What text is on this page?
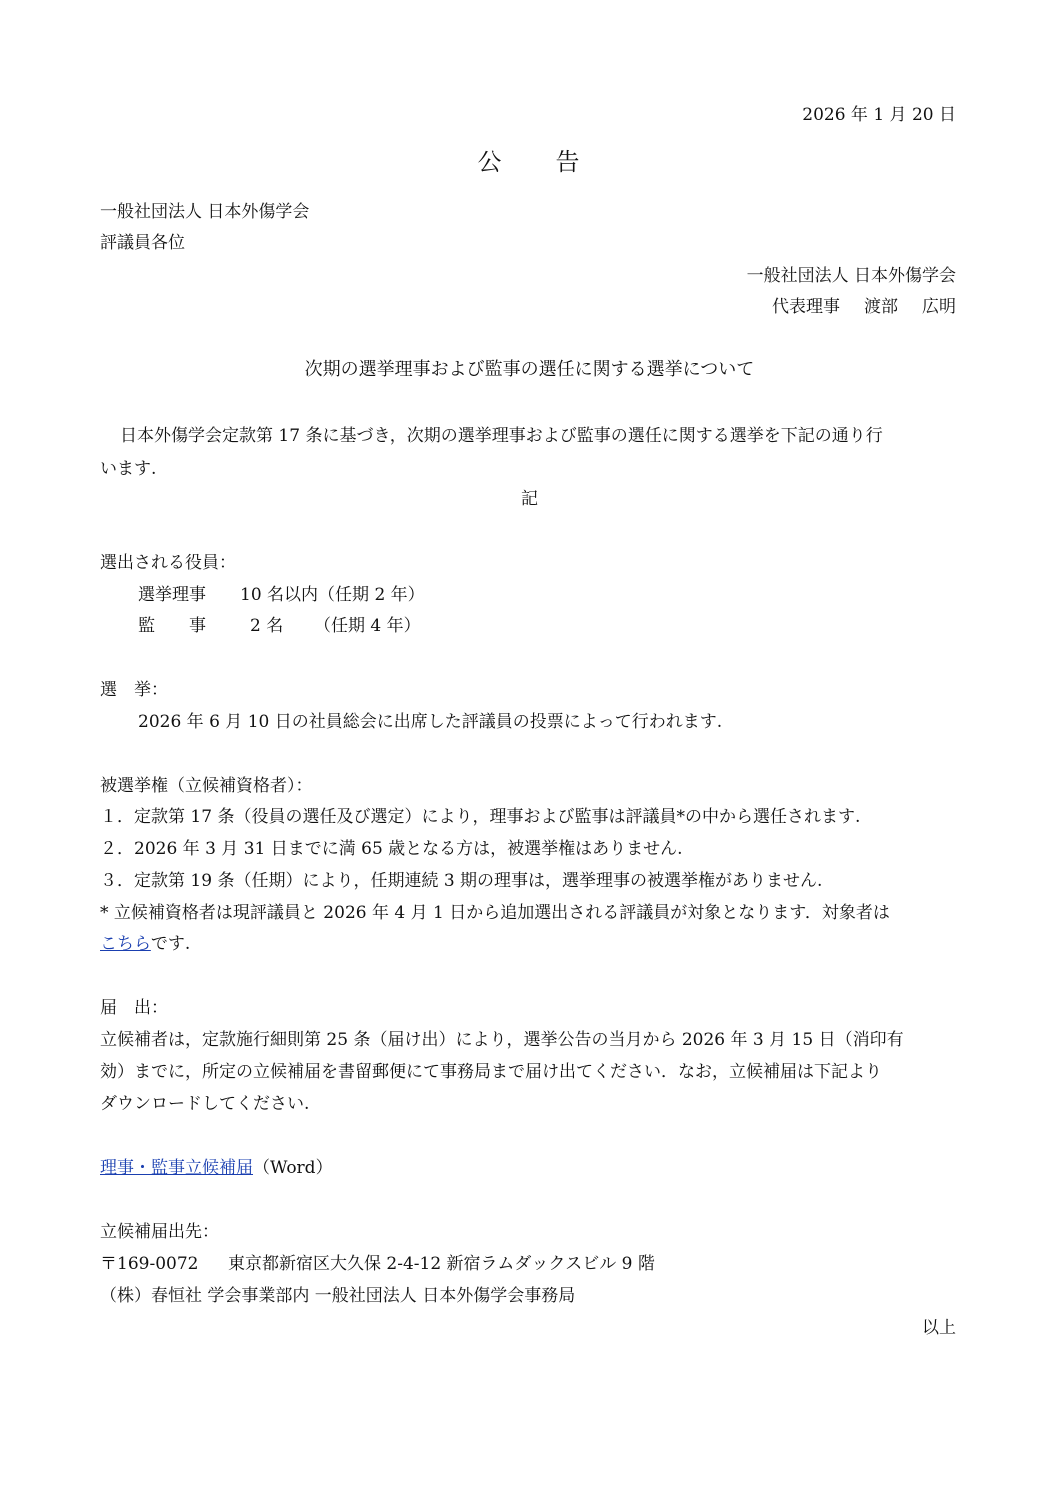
2026 年 1 月 20 日
公　　告
一般社団法人 日本外傷学会
評議員各位
一般社団法人 日本外傷学会
代表理事 渡部 広明
次期の選挙理事および監事の選任に関する選挙について
日本外傷学会定款第 17 条に基づき，次期の選挙理事および監事の選任に関する選挙を下記の通り行
います.
記
選出される役員：
選挙理事 10 名以内（任期 2 年）
監　　事	2 名 （任期 4 年）
選　挙：
2026 年 6 月 10 日の社員総会に出席した評議員の投票によって行われます.
被選挙権（立候補資格者）：
１．定款第 17 条（役員の選任及び選定）により，理事および監事は評議員*の中から選任されます.
２．2026 年 3 月 31 日までに満 65 歳となる方は，被選挙権はありません.
３．定款第 19 条（任期）により，任期連続 3 期の理事は，選挙理事の被選挙権がありません.
* 立候補資格者は現評議員と 2026 年 4 月 1 日から追加選出される評議員が対象となります．対象者は
こちらです.
届　出：
立候補者は，定款施行細則第 25 条（届け出）により，選挙公告の当月から 2026 年 3 月 15 日（消印有
効）までに，所定の立候補届を書留郵便にて事務局まで届け出てください．なお，立候補届は下記より
ダウンロードしてください.
理事・監事立候補届（Word）
立候補届出先：
〒169-0072 東京都新宿区大久保 2-4-12 新宿ラムダックスビル 9 階
（株）春恒社 学会事業部内 一般社団法人 日本外傷学会事務局
以上
